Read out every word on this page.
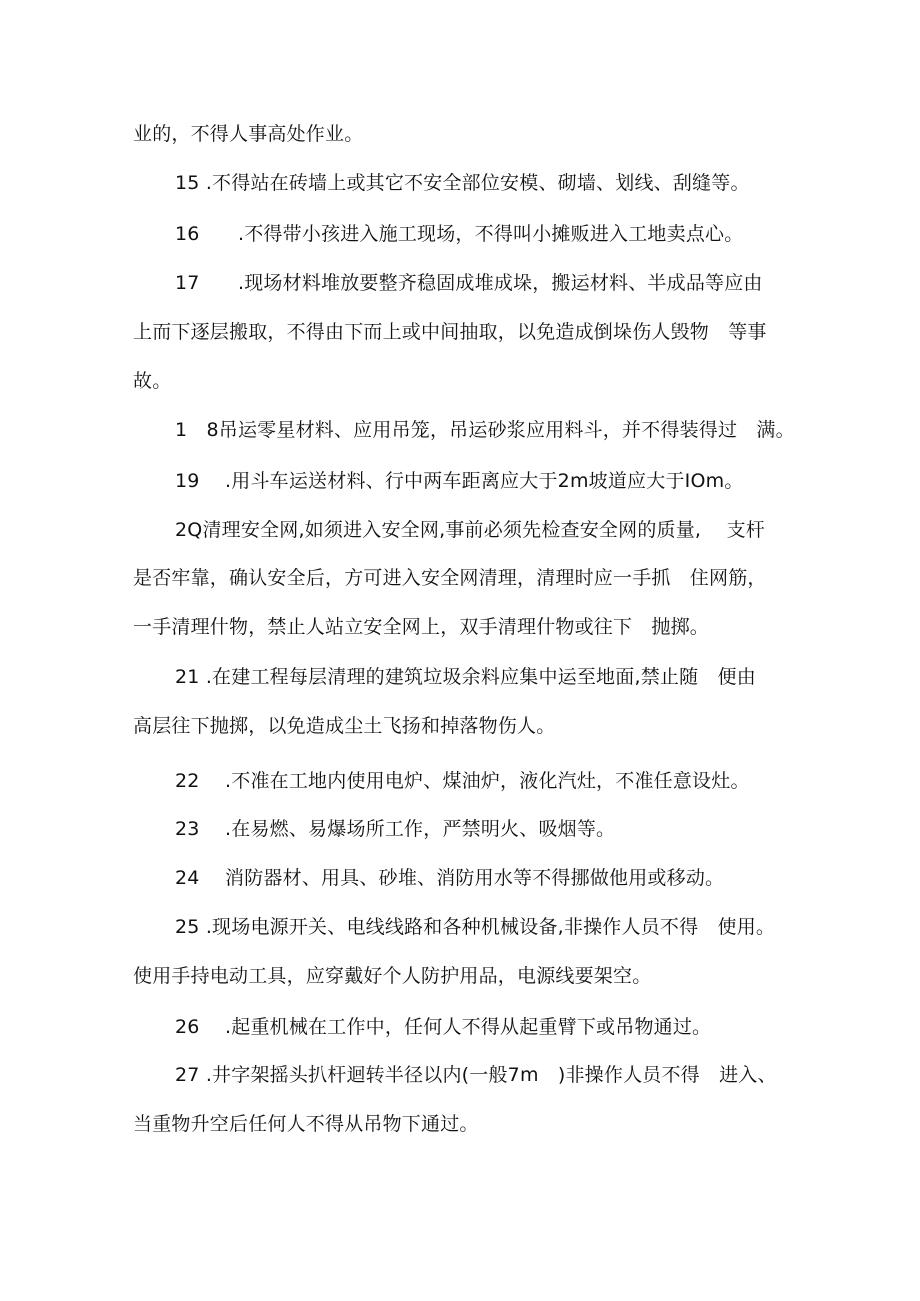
业的，不得人事高处作业。
15 .不得站在砖墙上或其它不安全部位安模、砌墙、划线、刮缝等。
16　　.不得带小孩进入施工现场，不得叫小摊贩进入工地卖点心。
17　　.现场材料堆放要整齐稳固成堆成垛，搬运材料、半成品等应由
上而下逐层搬取，不得由下而上或中间抽取，以免造成倒垛伤人毁物　等事
故。
1　8吊运零星材料、应用吊笼，吊运砂浆应用料斗，并不得装得过　满。
19　 .用斗车运送材料、行中两车距离应大于2m坡道应大于IOm。
2Q清理安全网,如须进入安全网,事前必须先检查安全网的质量,　 支杆
是否牢靠，确认安全后，方可进入安全网清理，清理时应一手抓　住网筋，
一手清理什物，禁止人站立安全网上，双手清理什物或往下　抛掷。
21 .在建工程每层清理的建筑垃圾余料应集中运至地面,禁止随　便由
高层往下抛掷，以免造成尘土飞扬和掉落物伤人。
22　 .不准在工地内使用电炉、煤油炉，液化汽灶，不准任意设灶。
23　 .在易燃、易爆场所工作，严禁明火、吸烟等。
24　 消防器材、用具、砂堆、消防用水等不得挪做他用或移动。
25 .现场电源开关、电线线路和各种机械设备,非操作人员不得　使用。
使用手持电动工具，应穿戴好个人防护用品，电源线要架空。
26　 .起重机械在工作中，任何人不得从起重臂下或吊物通过。
27 .井字架摇头扒杆迴转半径以内(一般7m　)非操作人员不得　进入、
当重物升空后任何人不得从吊物下通过。
